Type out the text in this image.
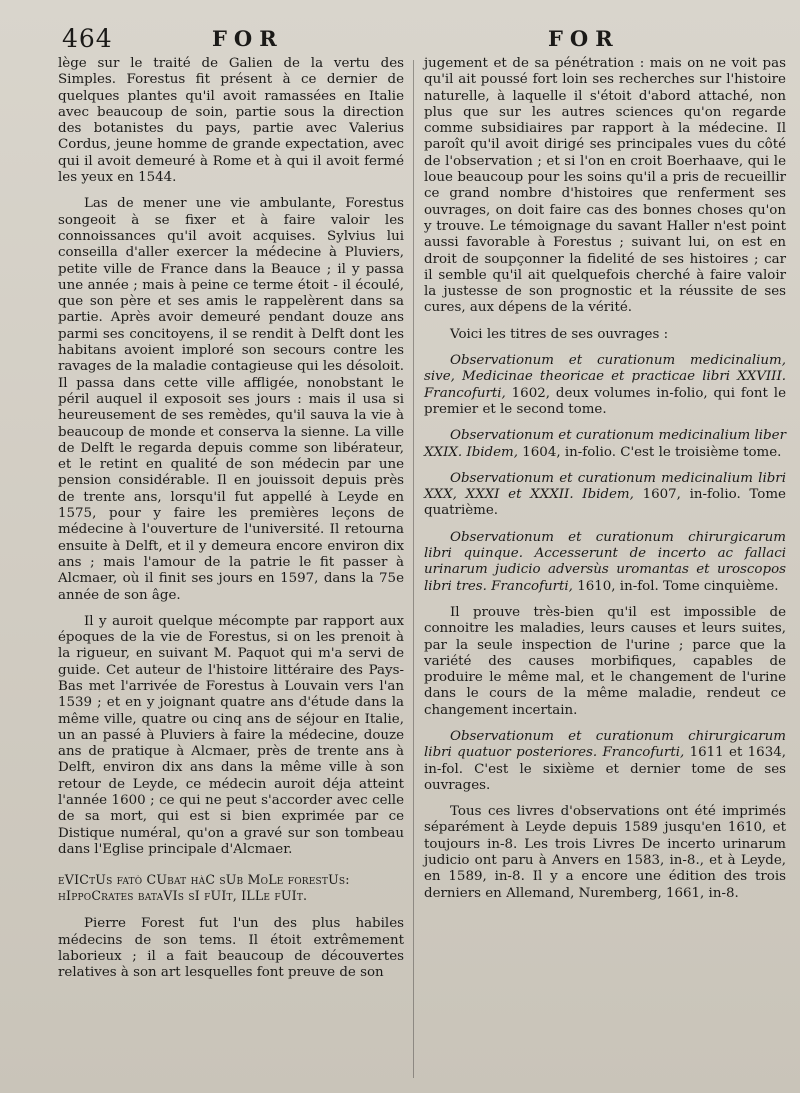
464	FOR	FOR

lège sur le traité de Galien de la vertu des Simples. Forestus fit présent à ce dernier de quelques plantes qu'il avoit ramassées en Italie avec beaucoup de soin, partie sous la direction des botanistes du pays, partie avec Valerius Cordus, jeune homme de grande expectation, avec qui il avoit demeuré à Rome et à qui il avoit fermé les yeux en 1544.

Las de mener une vie ambulante, Forestus songeoit à se fixer et à faire valoir les connoissances qu'il avoit acquises. Sylvius lui conseilla d'aller exercer la médecine à Pluviers, petite ville de France dans la Beauce ; il y passa une année ; mais à peine ce terme étoit - il écoulé, que son père et ses amis le rappelèrent dans sa partie. Après avoir demeuré pendant douze ans parmi ses concitoyens, il se rendit à Delft dont les habitans avoient imploré son secours contre les ravages de la maladie contagieuse qui les désoloit. Il passa dans cette ville affligée, nonobstant le péril auquel il exposoit ses jours : mais il usa si heureusement de ses remèdes, qu'il sauva la vie à beaucoup de monde et conserva la sienne. La ville de Delft le regarda depuis comme son libérateur, et le retint en qualité de son médecin par une pension considérable. Il en jouissoit depuis près de trente ans, lorsqu'il fut appellé à Leyde en 1575, pour y faire les premières leçons de médecine à l'ouverture de l'université. Il retourna ensuite à Delft, et il y demeura encore environ dix ans ; mais l'amour de la patrie le fit passer à Alcmaer, où il finit ses jours en 1597, dans la 75e année de son âge.

Il y auroit quelque mécompte par rapport aux époques de la vie de Forestus, si on les prenoit à la rigueur, en suivant M. Paquot qui m'a servi de guide. Cet auteur de l'histoire littéraire des Pays-Bas met l'arrivée de Forestus à Louvain vers l'an 1539 ; et en y joignant quatre ans d'étude dans la même ville, quatre ou cinq ans de séjour en Italie, un an passé à Pluviers à faire la médecine, douze ans de pratique à Alcmaer, près de trente ans à Delft, environ dix ans dans la même ville à son retour de Leyde, ce médecin auroit déja atteint l'année 1600 ; ce qui ne peut s'accorder avec celle de sa mort, qui est si bien exprimée par ce Distique numéral, qu'on a gravé sur son tombeau dans l'Eglise principale d'Alcmaer.

eVICtUs fatò CUbat hàC sUb MoLe forestUs:
hIppoCrates bataVIs sI fUIt, ILLe fUIt.

Pierre Forest fut l'un des plus habiles médecins de son tems. Il étoit extrêmement laborieux ; il a fait beaucoup de découvertes relatives à son art lesquelles font preuve de son

jugement et de sa pénétration : mais on ne voit pas qu'il ait poussé fort loin ses recherches sur l'histoire naturelle, à laquelle il s'étoit d'abord attaché, non plus que sur les autres sciences qu'on regarde comme subsidiaires par rapport à la médecine. Il paroît qu'il avoit dirigé ses principales vues du côté de l'observation ; et si l'on en croit Boerhaave, qui le loue beaucoup pour les soins qu'il a pris de recueillir ce grand nombre d'histoires que renferment ses ouvrages, on doit faire cas des bonnes choses qu'on y trouve. Le témoignage du savant Haller n'est point aussi favorable à Forestus ; suivant lui, on est en droit de soupçonner la fidelité de ses histoires ; car il semble qu'il ait quelquefois cherché à faire valoir la justesse de son prognostic et la réussite de ses cures, aux dépens de la vérité.

Voici les titres de ses ouvrages :

Observationum et curationum medicinalium, sive, Medicinae theoricae et practicae libri XXVIII. Francofurti, 1602, deux volumes in-folio, qui font le premier et le second tome.

Observationum et curationum medicinalium liber XXIX. Ibidem, 1604, in-folio. C'est le troisième tome.

Observationum et curationum medicinalium libri XXX, XXXI et XXXII. Ibidem, 1607, in-folio. Tome quatrième.

Observationum et curationum chirurgicarum libri quinque. Accesserunt de incerto ac fallaci urinarum judicio adversùs uromantas et uroscopos libri tres. Francofurti, 1610, in-fol. Tome cinquième.

Il prouve très-bien qu'il est impossible de connoitre les maladies, leurs causes et leurs suites, par la seule inspection de l'urine ; parce que la variété des causes morbifiques, capables de produire le même mal, et le changement de l'urine dans le cours de la même maladie, rendeut ce changement incertain.

Observationum et curationum chirurgicarum libri quatuor posteriores. Francofurti, 1611 et 1634, in-fol. C'est le sixième et dernier tome de ses ouvrages.

Tous ces livres d'observations ont été imprimés séparément à Leyde depuis 1589 jusqu'en 1610, et toujours in-8. Les trois Livres De incerto urinarum judicio ont paru à Anvers en 1583, in-8., et à Leyde, en 1589, in-8. Il y a encore une édition des trois derniers en Allemand, Nuremberg, 1661, in-8.
